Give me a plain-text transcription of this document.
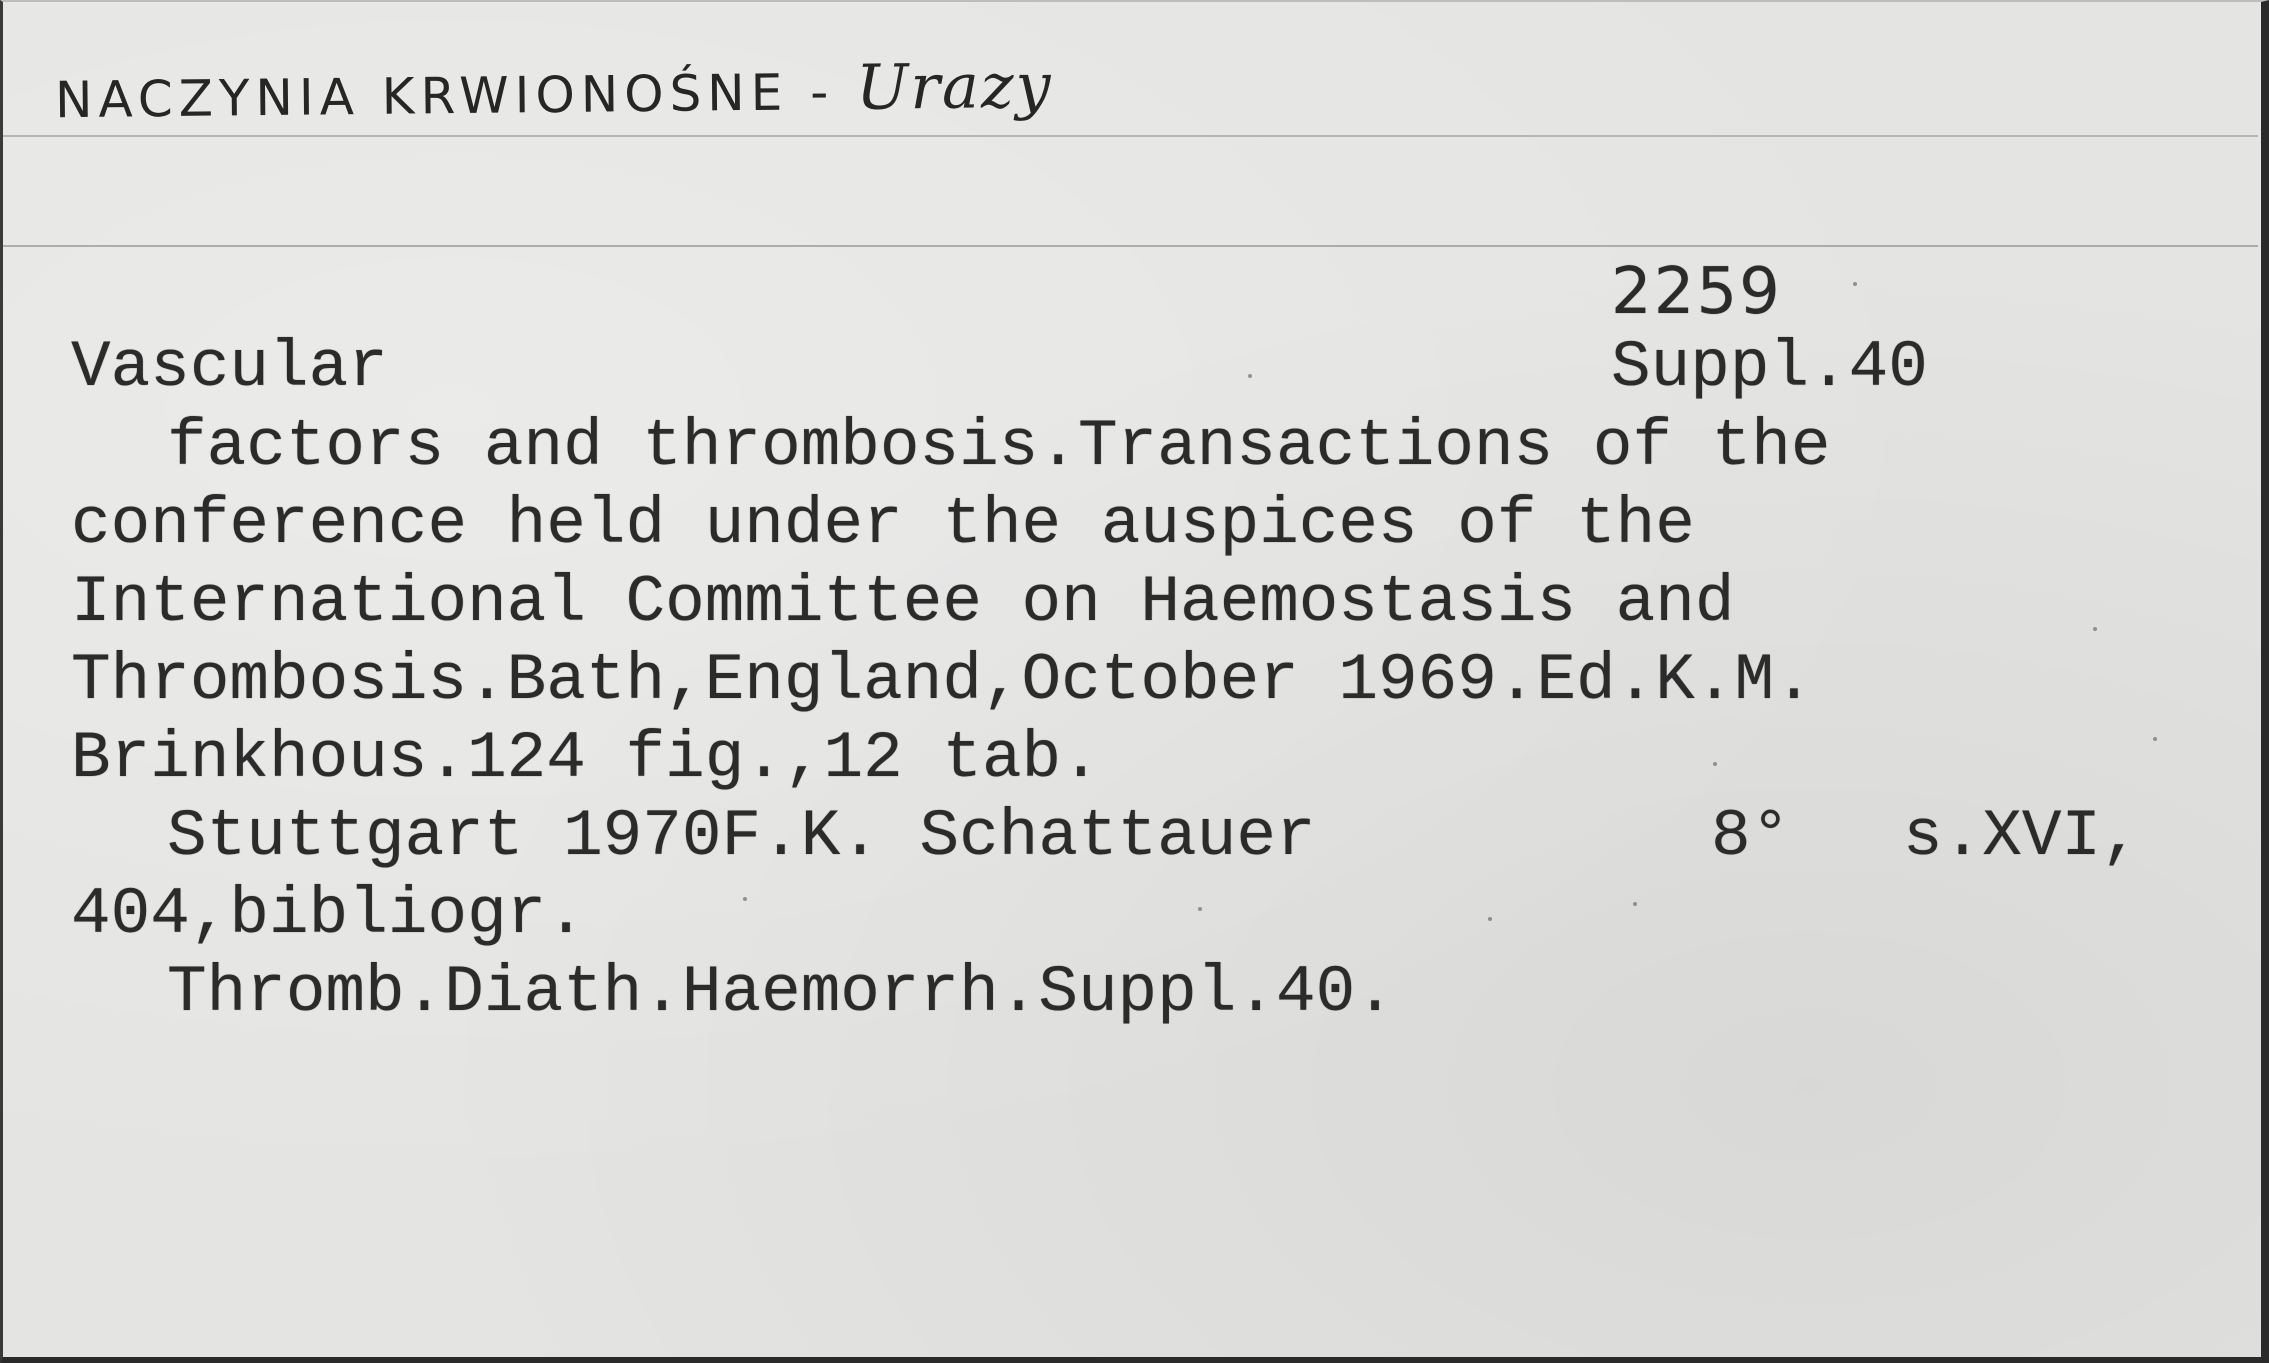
NACZYNIA KRWIONOŚNE - Urazy
2259
Suppl.40
Vascular
factors and thrombosis.Transactions of the
conference held under the auspices of the
International Committee on Haemostasis and
Thrombosis.Bath,England,October 1969.Ed.K.M.
Brinkhous.124 fig.,12 tab.
Stuttgart 1970F.K. Schattauer	8° s.XVI,
404,bibliogr.
Thromb.Diath.Haemorrh.Suppl.40.
